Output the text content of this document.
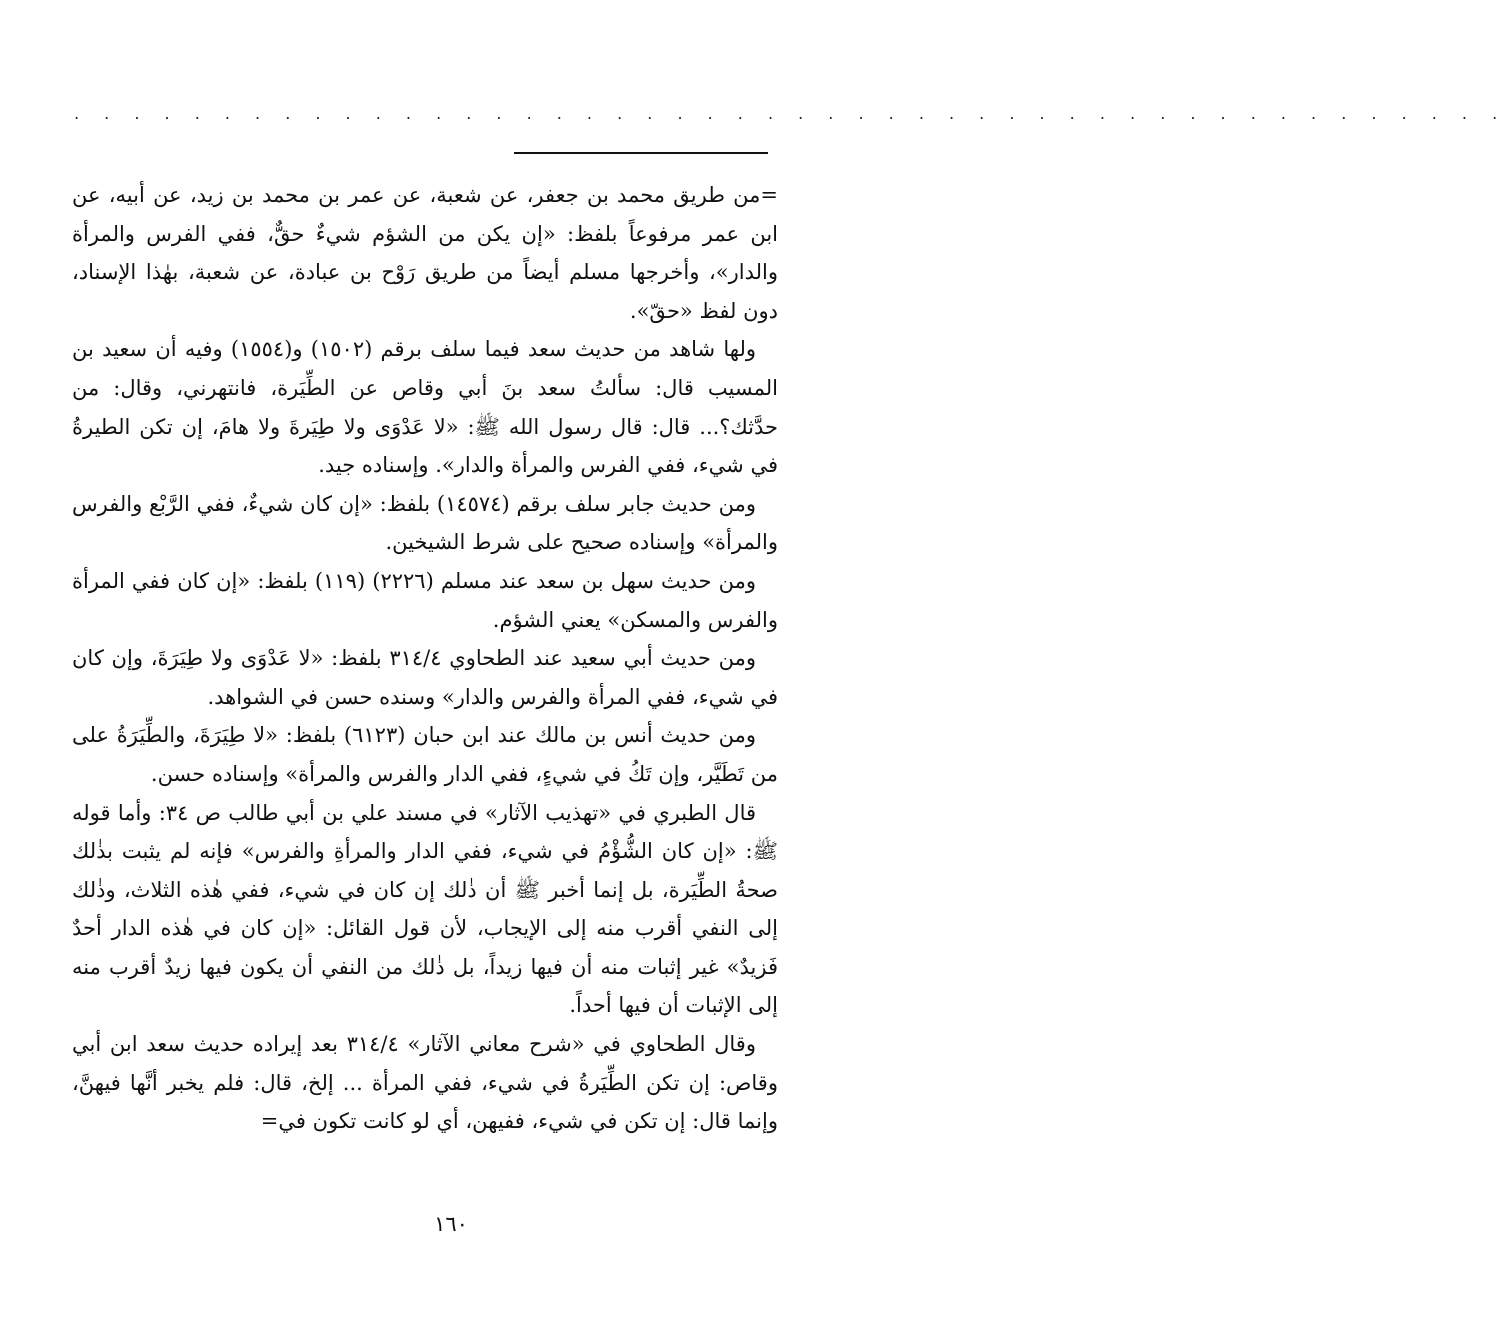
. . . . . . . . . . . . . . . . . . . . . . . . . . . . . . . . . . . . . . . . . . . . . . . .

=من طريق محمد بن جعفر، عن شعبة، عن عمر بن محمد بن زيد، عن أبيه، عن ابن عمر مرفوعاً بلفظ: «إن يكن من الشؤم شيءٌ حقٌّ، ففي الفرس والمرأة والدار»، وأخرجها مسلم أيضاً من طريق رَوْح بن عبادة، عن شعبة، بهٰذا الإسناد، دون لفظ «حقّ».

ولها شاهد من حديث سعد فيما سلف برقم (١٥٠٢) و(١٥٥٤) وفيه أن سعيد بن المسيب قال: سألتُ سعد بنَ أبي وقاص عن الطِّيَرة، فانتهرني، وقال: من حدَّثك؟... قال: قال رسول الله ﷺ: «لا عَدْوَى ولا طِيَرةَ ولا هامَ، إن تكن الطيرةُ في شيء، ففي الفرس والمرأة والدار». وإسناده جيد.

ومن حديث جابر سلف برقم (١٤٥٧٤) بلفظ: «إن كان شيءٌ، ففي الرَّبْع والفرس والمرأة» وإسناده صحيح على شرط الشيخين.

ومن حديث سهل بن سعد عند مسلم (٢٢٢٦) (١١٩) بلفظ: «إن كان ففي المرأة والفرس والمسكن» يعني الشؤم.

ومن حديث أبي سعيد عند الطحاوي ٣١٤/٤ بلفظ: «لا عَدْوَى ولا طِيَرَةَ، وإن كان في شيء، ففي المرأة والفرس والدار» وسنده حسن في الشواهد.

ومن حديث أنس بن مالك عند ابن حبان (٦١٢٣) بلفظ: «لا طِيَرَةَ، والطِّيَرَةُ على من تَطَيَّر، وإن تَكُ في شيءٍ، ففي الدار والفرس والمرأة» وإسناده حسن.

قال الطبري في «تهذيب الآثار» في مسند علي بن أبي طالب ص ٣٤: وأما قوله ﷺ: «إن كان الشُّؤْمُ في شيء، ففي الدار والمرأةِ والفرس» فإنه لم يثبت بذٰلك صحةُ الطِّيَرة، بل إنما أخبر ﷺ أن ذٰلك إن كان في شيء، ففي هٰذه الثلاث، وذٰلك إلى النفي أقرب منه إلى الإيجاب، لأن قول القائل: «إن كان في هٰذه الدار أحدٌ فَزيدٌ» غير إثبات منه أن فيها زيداً، بل ذٰلك من النفي أن يكون فيها زيدٌ أقرب منه إلى الإثبات أن فيها أحداً.

وقال الطحاوي في «شرح معاني الآثار» ٣١٤/٤ بعد إيراده حديث سعد ابن أبي وقاص: إن تكن الطِّيَرةُ في شيء، ففي المرأة ... إلخ، قال: فلم يخبر أنَّها فيهنَّ، وإنما قال: إن تكن في شيء، ففيهن، أي لو كانت تكون في=

١٦٠
